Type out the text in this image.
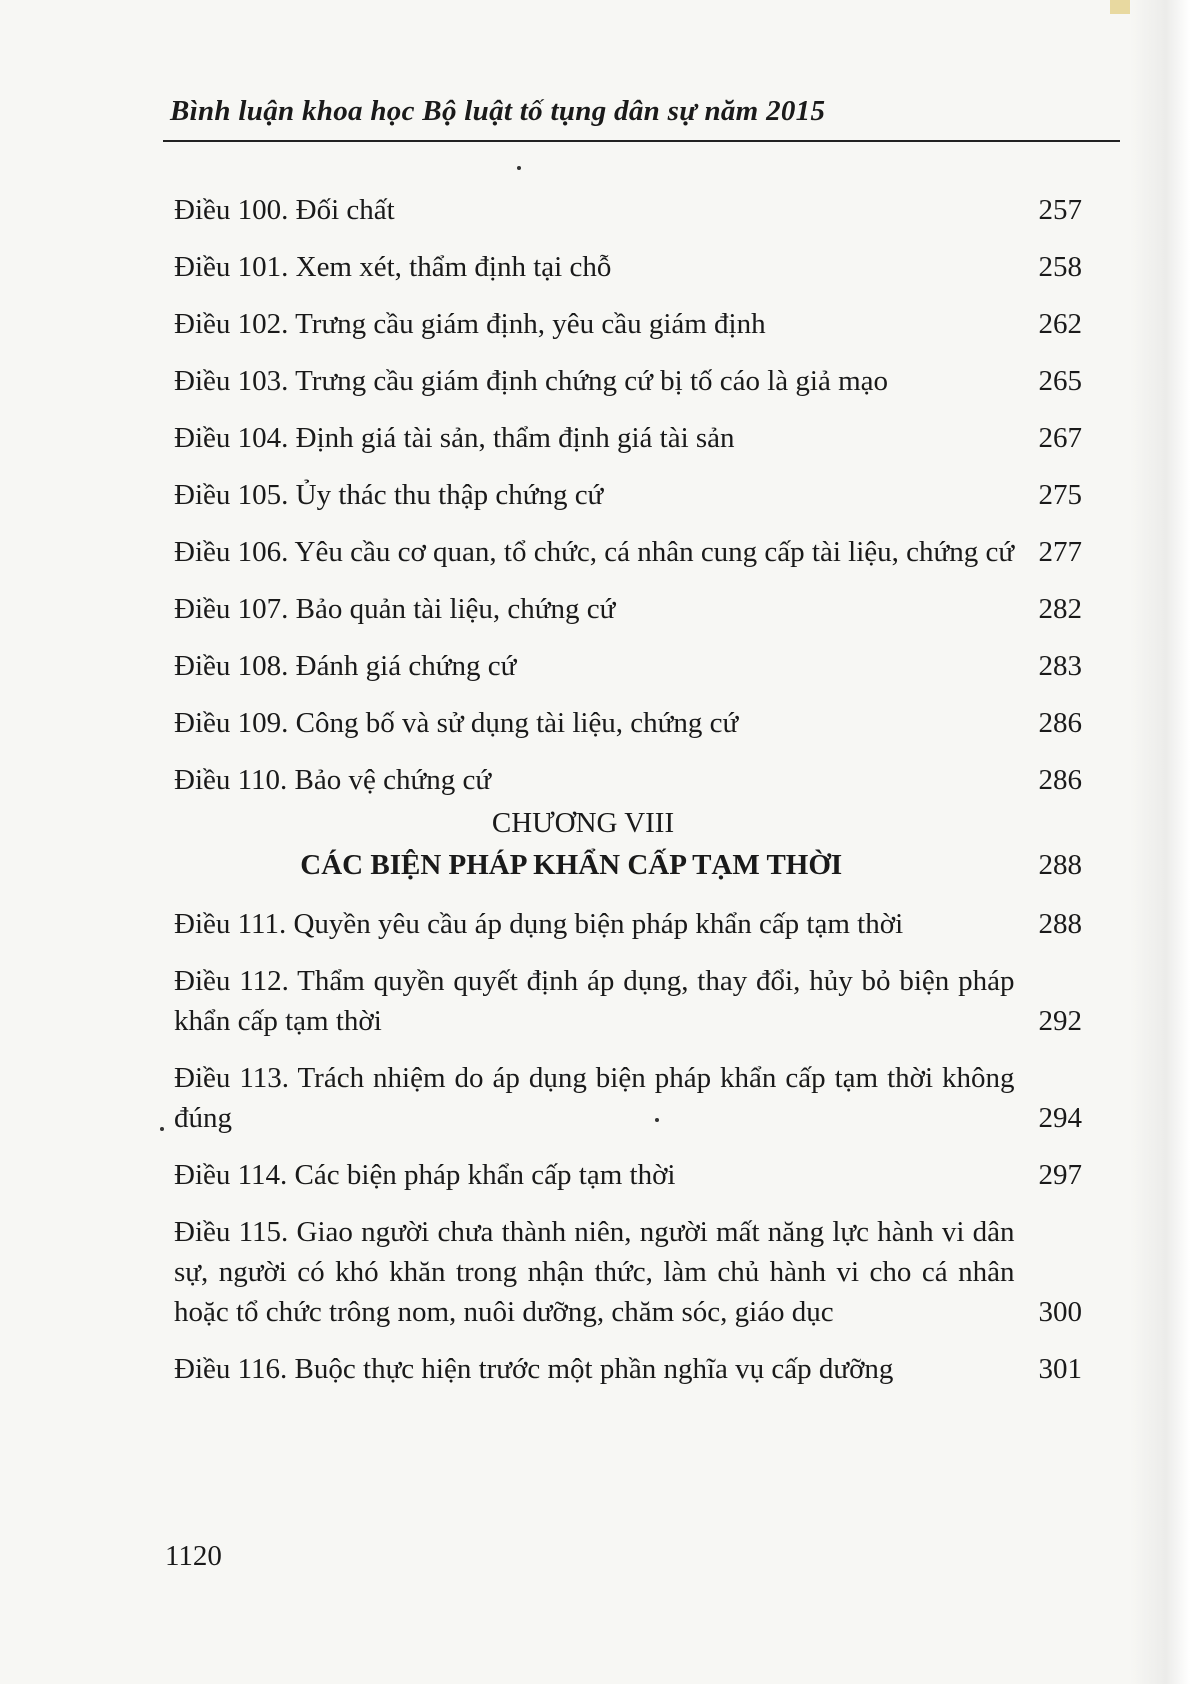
Bình luận khoa học Bộ luật tố tụng dân sự năm 2015
Điều 100. Đối chất	257
Điều 101. Xem xét, thẩm định tại chỗ	258
Điều 102. Trưng cầu giám định, yêu cầu giám định	262
Điều 103. Trưng cầu giám định chứng cứ bị tố cáo là giả mạo	265
Điều 104. Định giá tài sản, thẩm định giá tài sản	267
Điều 105. Ủy thác thu thập chứng cứ	275
Điều 106. Yêu cầu cơ quan, tổ chức, cá nhân cung cấp tài liệu, chứng cứ 277
Điều 107. Bảo quản tài liệu, chứng cứ	282
Điều 108. Đánh giá chứng cứ	283
Điều 109. Công bố và sử dụng tài liệu, chứng cứ	286
Điều 110. Bảo vệ chứng cứ	286
CHƯƠNG VIII
CÁC BIỆN PHÁP KHẨN CẤP TẠM THỜI	288
Điều 111. Quyền yêu cầu áp dụng biện pháp khẩn cấp tạm thời	288
Điều 112. Thẩm quyền quyết định áp dụng, thay đổi, hủy bỏ biện pháp khẩn cấp tạm thời	292
Điều 113. Trách nhiệm do áp dụng biện pháp khẩn cấp tạm thời không đúng	294
Điều 114. Các biện pháp khẩn cấp tạm thời	297
Điều 115. Giao người chưa thành niên, người mất năng lực hành vi dân sự, người có khó khăn trong nhận thức, làm chủ hành vi cho cá nhân hoặc tổ chức trông nom, nuôi dưỡng, chăm sóc, giáo dục	300
Điều 116. Buộc thực hiện trước một phần nghĩa vụ cấp dưỡng	301
1120
